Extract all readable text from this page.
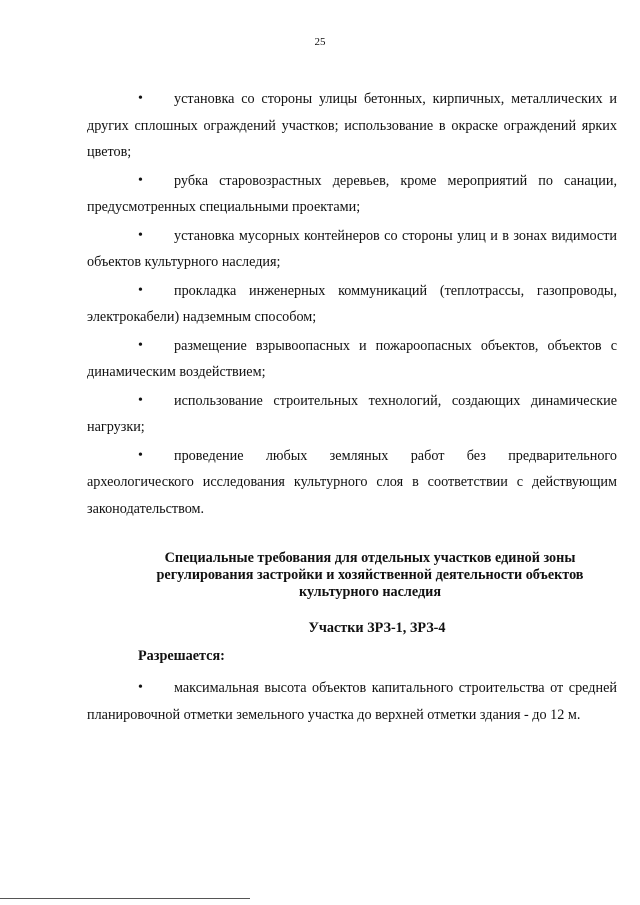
25

• установка со стороны улицы бетонных, кирпичных, металлических и других сплошных ограждений участков; использование в окраске ограждений ярких цветов;

• рубка старовозрастных деревьев, кроме мероприятий по санации, предусмотренных специальными проектами;

• установка мусорных контейнеров со стороны улиц и в зонах видимости объектов культурного наследия;

• прокладка инженерных коммуникаций (теплотрассы, газопроводы, электрокабели) надземным способом;

• размещение взрывоопасных и пожароопасных объектов, объектов с динамическим воздействием;

• использование строительных технологий, создающих динамические нагрузки;

• проведение любых земляных работ без предварительного археологического исследования культурного слоя в соответствии с действующим законодательством.

Специальные требования для отдельных участков единой зоны регулирования застройки и хозяйственной деятельности объектов культурного наследия
Участки ЗРЗ-1, ЗРЗ-4
Разрешается:

• максимальная высота объектов капитального строительства от средней планировочной отметки земельного участка до верхней отметки здания - до 12 м.
